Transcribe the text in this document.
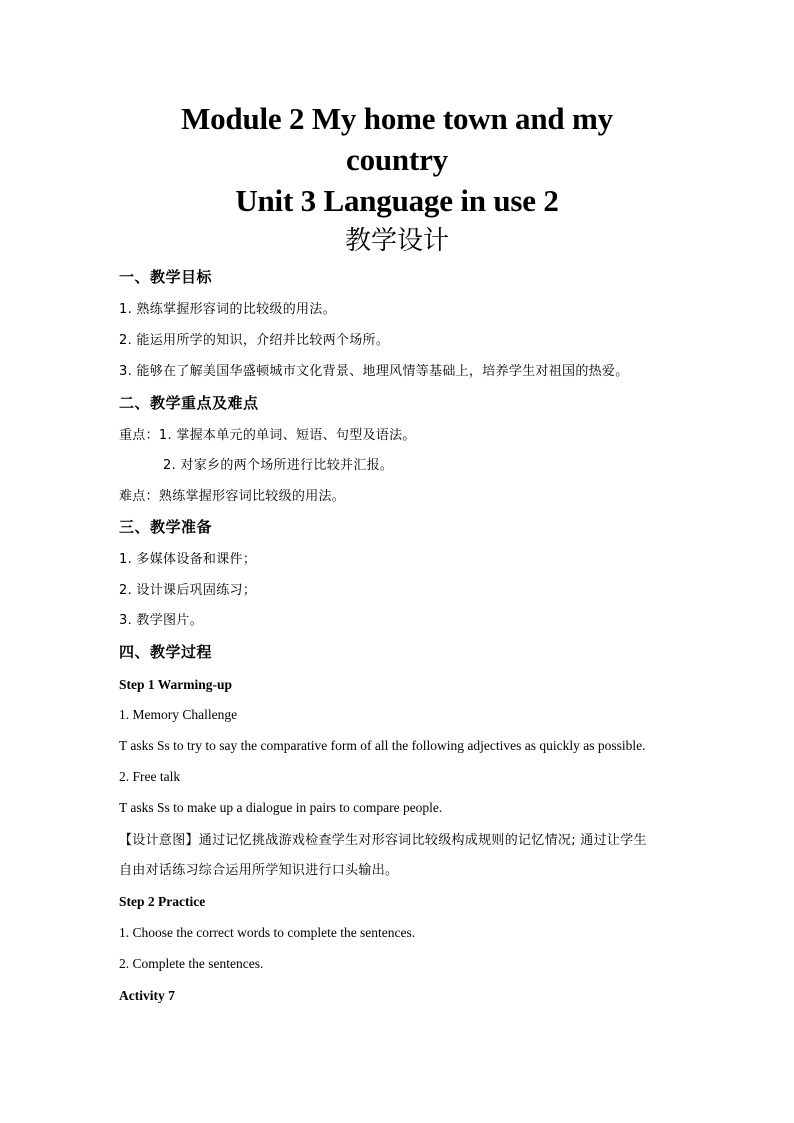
Module 2 My home town and my
country
Unit 3 Language in use 2
教学设计
一、教学目标
1. 熟练掌握形容词的比较级的用法。
2. 能运用所学的知识，介绍并比较两个场所。
3. 能够在了解美国华盛顿城市文化背景、地理风情等基础上，培养学生对祖国的热爱。
二、教学重点及难点
重点：1. 掌握本单元的单词、短语、句型及语法。
2. 对家乡的两个场所进行比较并汇报。
难点：熟练掌握形容词比较级的用法。
三、教学准备
1. 多媒体设备和课件；
2. 设计课后巩固练习；
3. 教学图片。
四、教学过程
Step 1 Warming-up
1. Memory Challenge
T asks Ss to try to say the comparative form of all the following adjectives as quickly as possible.
2. Free talk
T asks Ss to make up a dialogue in pairs to compare people.
【设计意图】通过记忆挑战游戏检查学生对形容词比较级构成规则的记忆情况; 通过让学生
自由对话练习综合运用所学知识进行口头输出。
Step 2 Practice
1. Choose the correct words to complete the sentences.
2. Complete the sentences.
Activity 7
